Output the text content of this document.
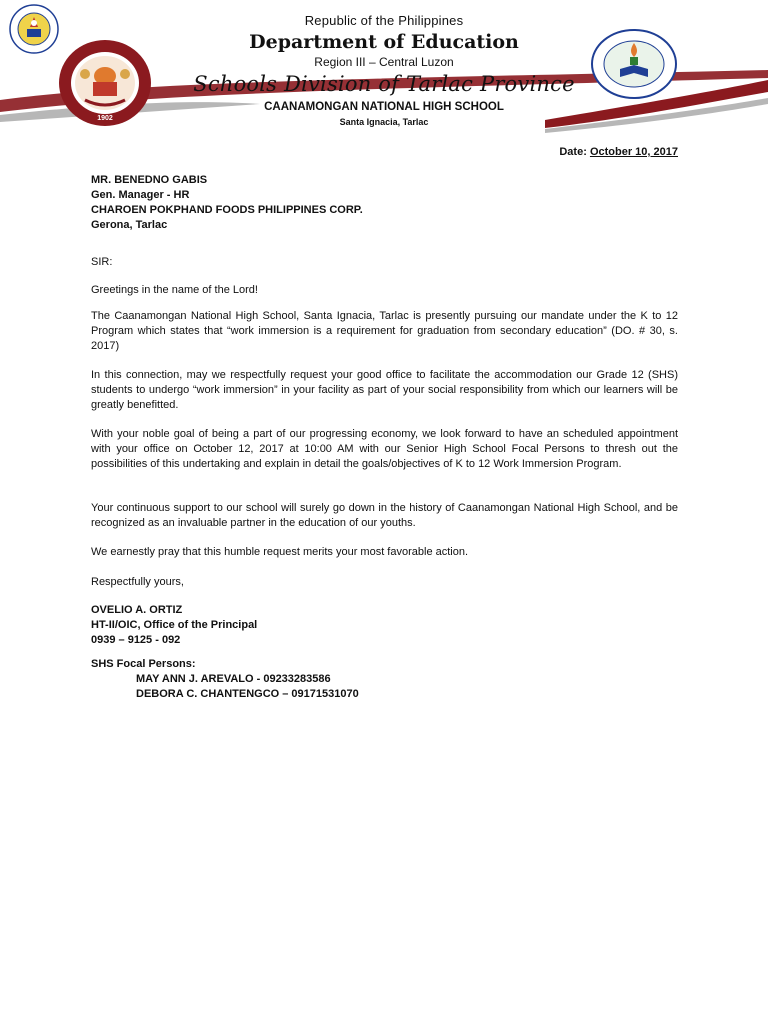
1902
Republic of the Philippines
Department of Education
Region III – Central Luzon
Schools Division of Tarlac Province
CAANAMONGAN NATIONAL HIGH SCHOOL
Santa Ignacia, Tarlac
Date: October 10, 2017
MR. BENEDNO GABIS
Gen. Manager - HR
CHAROEN POKPHAND FOODS PHILIPPINES CORP.
Gerona, Tarlac
SIR:
Greetings in the name of the Lord!
The Caanamongan National High School, Santa Ignacia, Tarlac is presently pursuing our mandate under the K to 12 Program which states that “work immersion is a requirement for graduation from secondary education” (DO. # 30, s. 2017)
In this connection, may we respectfully request your good office to facilitate the accommodation our Grade 12 (SHS) students to undergo “work immersion” in your facility as part of your social responsibility from which our learners will be greatly benefitted.
With your noble goal of being a part of our progressing economy, we look forward to have an scheduled appointment with your office on October 12, 2017 at 10:00 AM with our Senior High School Focal Persons to thresh out the possibilities of this undertaking and explain in detail the goals/objectives of K to 12 Work Immersion Program.
Your continuous support to our school will surely go down in the history of Caanamongan National High School, and be recognized as an invaluable partner in the education of our youths.
We earnestly pray that this humble request merits your most favorable action.
Respectfully yours,
OVELIO A. ORTIZ
HT-II/OIC, Office of the Principal
0939 – 9125 - 092
SHS Focal Persons:
MAY ANN J. AREVALO - 09233283586
DEBORA C. CHANTENGCO – 09171531070
